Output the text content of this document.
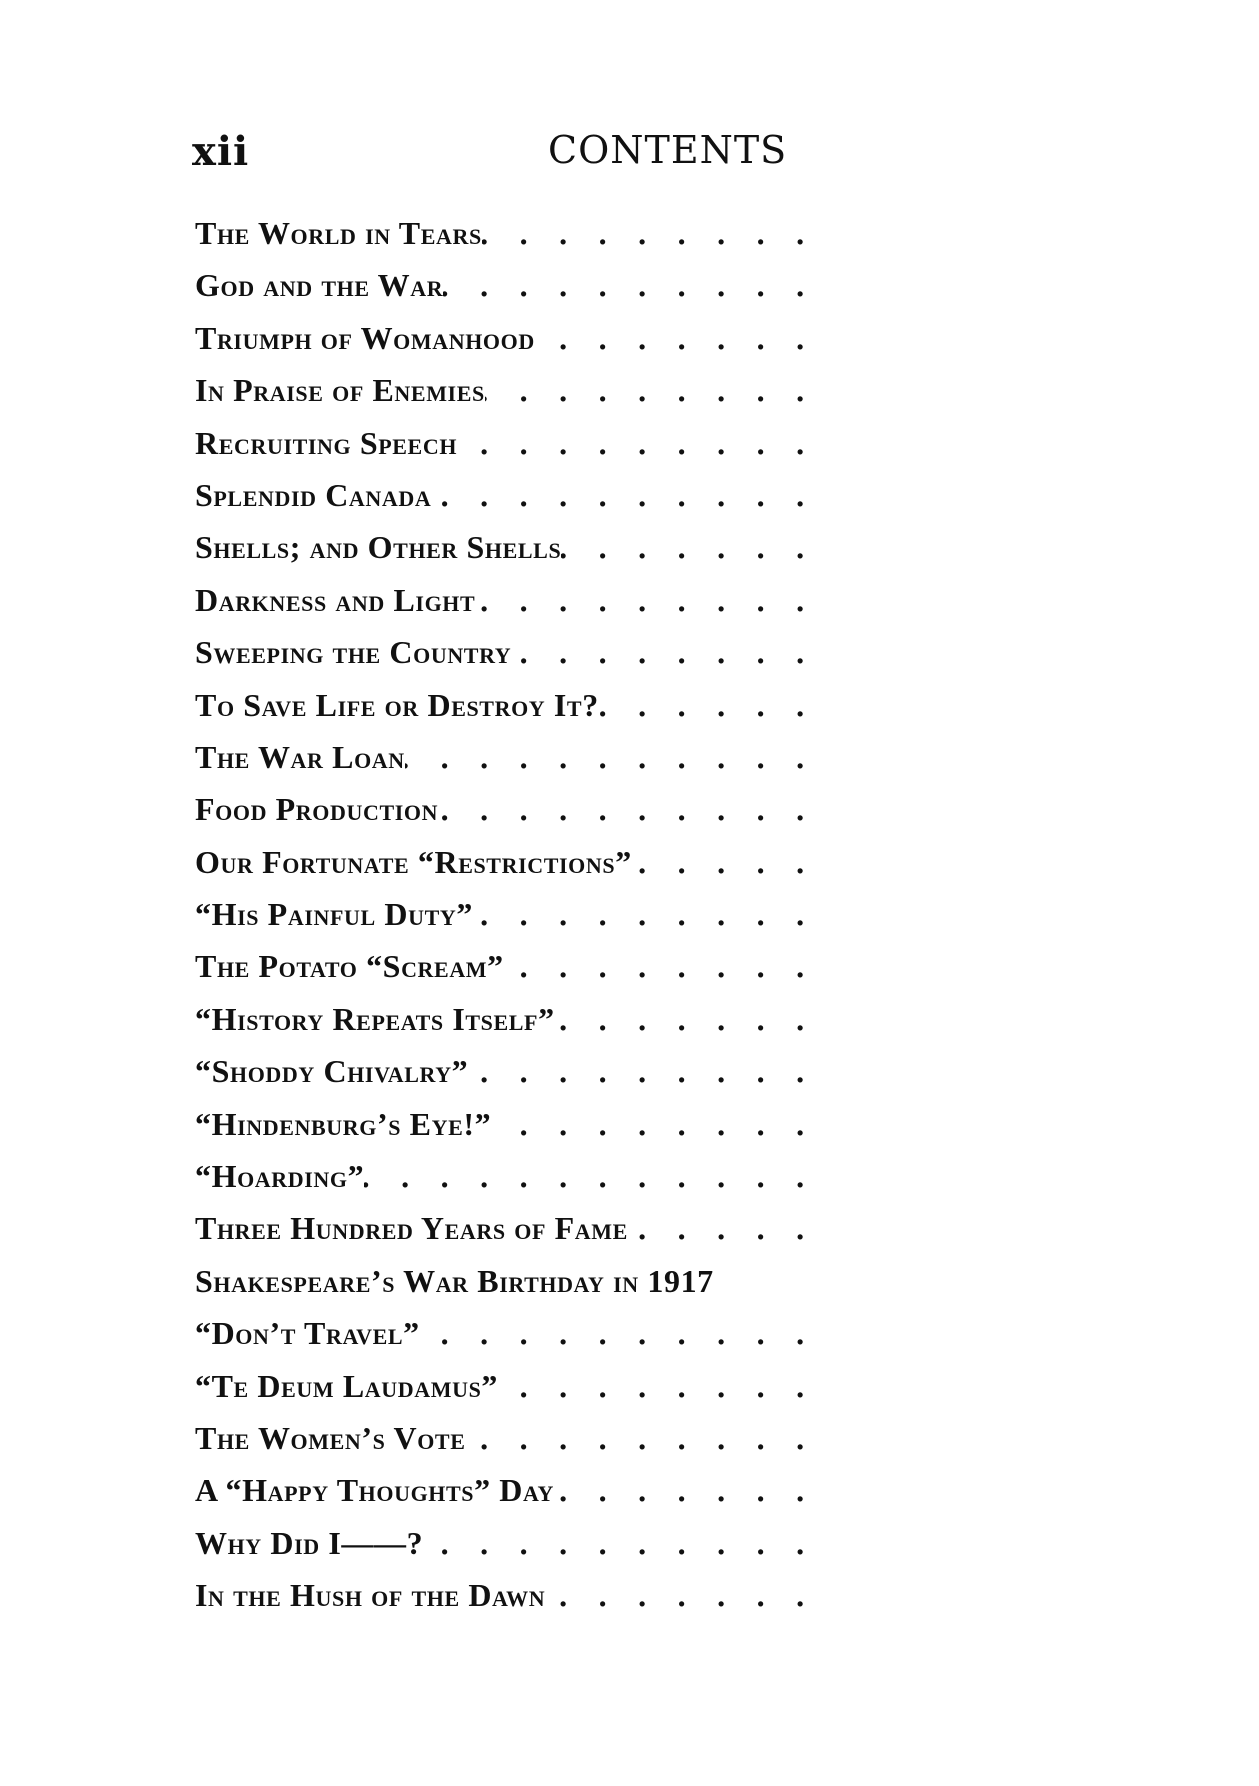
xii	CONTENTS
The World in Tears
. . .
God and the War
. . .
Triumph of Womanhood
. . .
In Praise of Enemies
. . .
Recruiting Speech
. . .
Splendid Canada
. . .
Shells; and Other Shells
. . .
Darkness and Light
. . .
Sweeping the Country
. . .
To Save Life or Destroy It?
. . .
The War Loan
. . .
Food Production
. . .
Our Fortunate “Restrictions”
. . .
“His Painful Duty”
. . .
The Potato “Scream”
. . .
“History Repeats Itself”
. . .
“Shoddy Chivalry”
. . .
“Hindenburg’s Eye!”
. . .
“Hoarding”
. . .
Three Hundred Years of Fame
. . .
Shakespeare’s War Birthday in 1917
“Don’t Travel”
. . .
“Te Deum Laudamus”
. . .
The Women’s Vote
. . .
A “Happy Thoughts” Day
. . .
Why Did I——?
. . .
In the Hush of the Dawn
. . .
